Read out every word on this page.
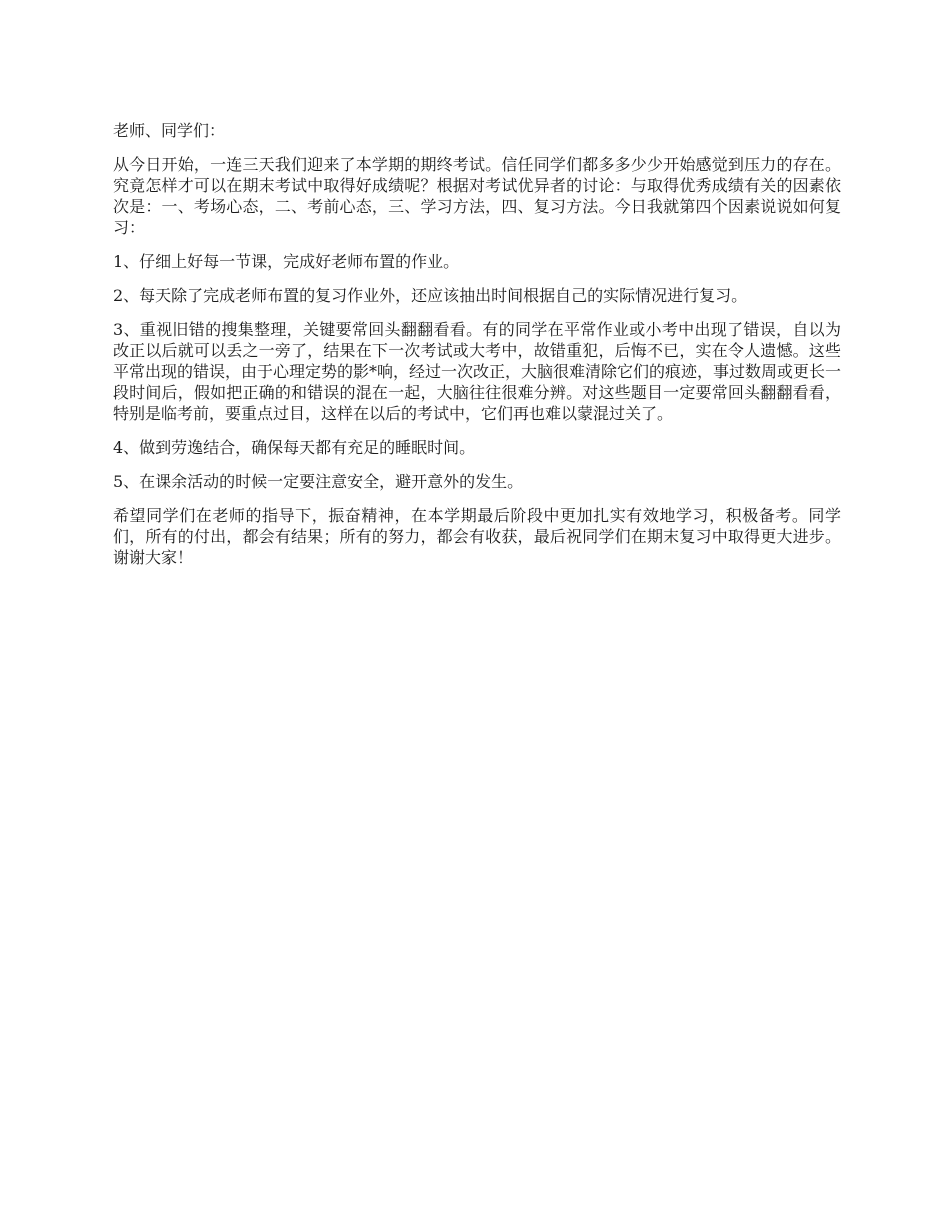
老师、同学们：

从今日开始，一连三天我们迎来了本学期的期终考试。信任同学们都多多少少开始感觉到压力的存在。究竟怎样才可以在期末考试中取得好成绩呢？根据对考试优异者的讨论：与取得优秀成绩有关的因素依次是：一、考场心态，二、考前心态，三、学习方法，四、复习方法。今日我就第四个因素说说如何复习：

1、仔细上好每一节课，完成好老师布置的作业。

2、每天除了完成老师布置的复习作业外，还应该抽出时间根据自己的实际情况进行复习。

3、重视旧错的搜集整理，关键要常回头翻翻看看。有的同学在平常作业或小考中出现了错误，自以为改正以后就可以丢之一旁了，结果在下一次考试或大考中，故错重犯，后悔不已，实在令人遗憾。这些平常出现的错误，由于心理定势的影*响，经过一次改正，大脑很难清除它们的痕迹，事过数周或更长一段时间后，假如把正确的和错误的混在一起，大脑往往很难分辨。对这些题目一定要常回头翻翻看看，特别是临考前，要重点过目，这样在以后的考试中，它们再也难以蒙混过关了。

4、做到劳逸结合，确保每天都有充足的睡眠时间。

5、在课余活动的时候一定要注意安全，避开意外的发生。

希望同学们在老师的指导下，振奋精神，在本学期最后阶段中更加扎实有效地学习，积极备考。同学们，所有的付出，都会有结果；所有的努力，都会有收获，最后祝同学们在期末复习中取得更大进步。谢谢大家！
